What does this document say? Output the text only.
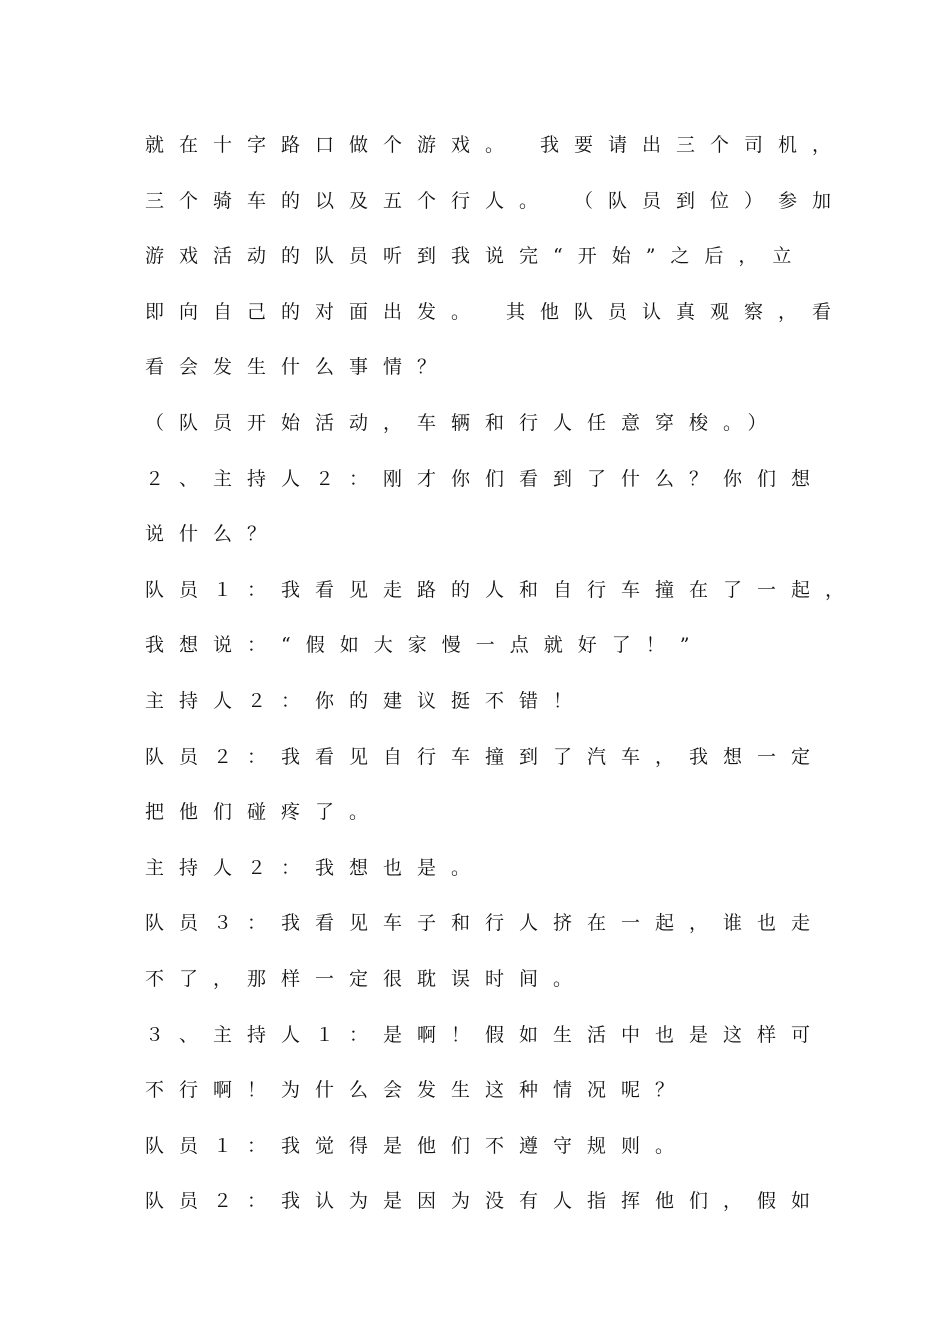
就在十字路口做个游戏。 我要请出三个司机，
三个骑车的以及五个行人。 （队员到位）参加
游戏活动的队员听到我说完“开始”之后，立
即向自己的对面出发。 其他队员认真观察，看
看会发生什么事情？
（队员开始活动，车辆和行人任意穿梭。）
２、主持人２：刚才你们看到了什么？你们想
说什么？
队员１：我看见走路的人和自行车撞在了一起，
我想说：“假如大家慢一点就好了！”
主持人２：你的建议挺不错！
队员２：我看见自行车撞到了汽车，我想一定
把他们碰疼了。
主持人２：我想也是。
队员３：我看见车子和行人挤在一起，谁也走
不了，那样一定很耽误时间。
３、主持人１：是啊！假如生活中也是这样可
不行啊！为什么会发生这种情况呢？
队员１：我觉得是他们不遵守规则。
队员２：我认为是因为没有人指挥他们，假如
